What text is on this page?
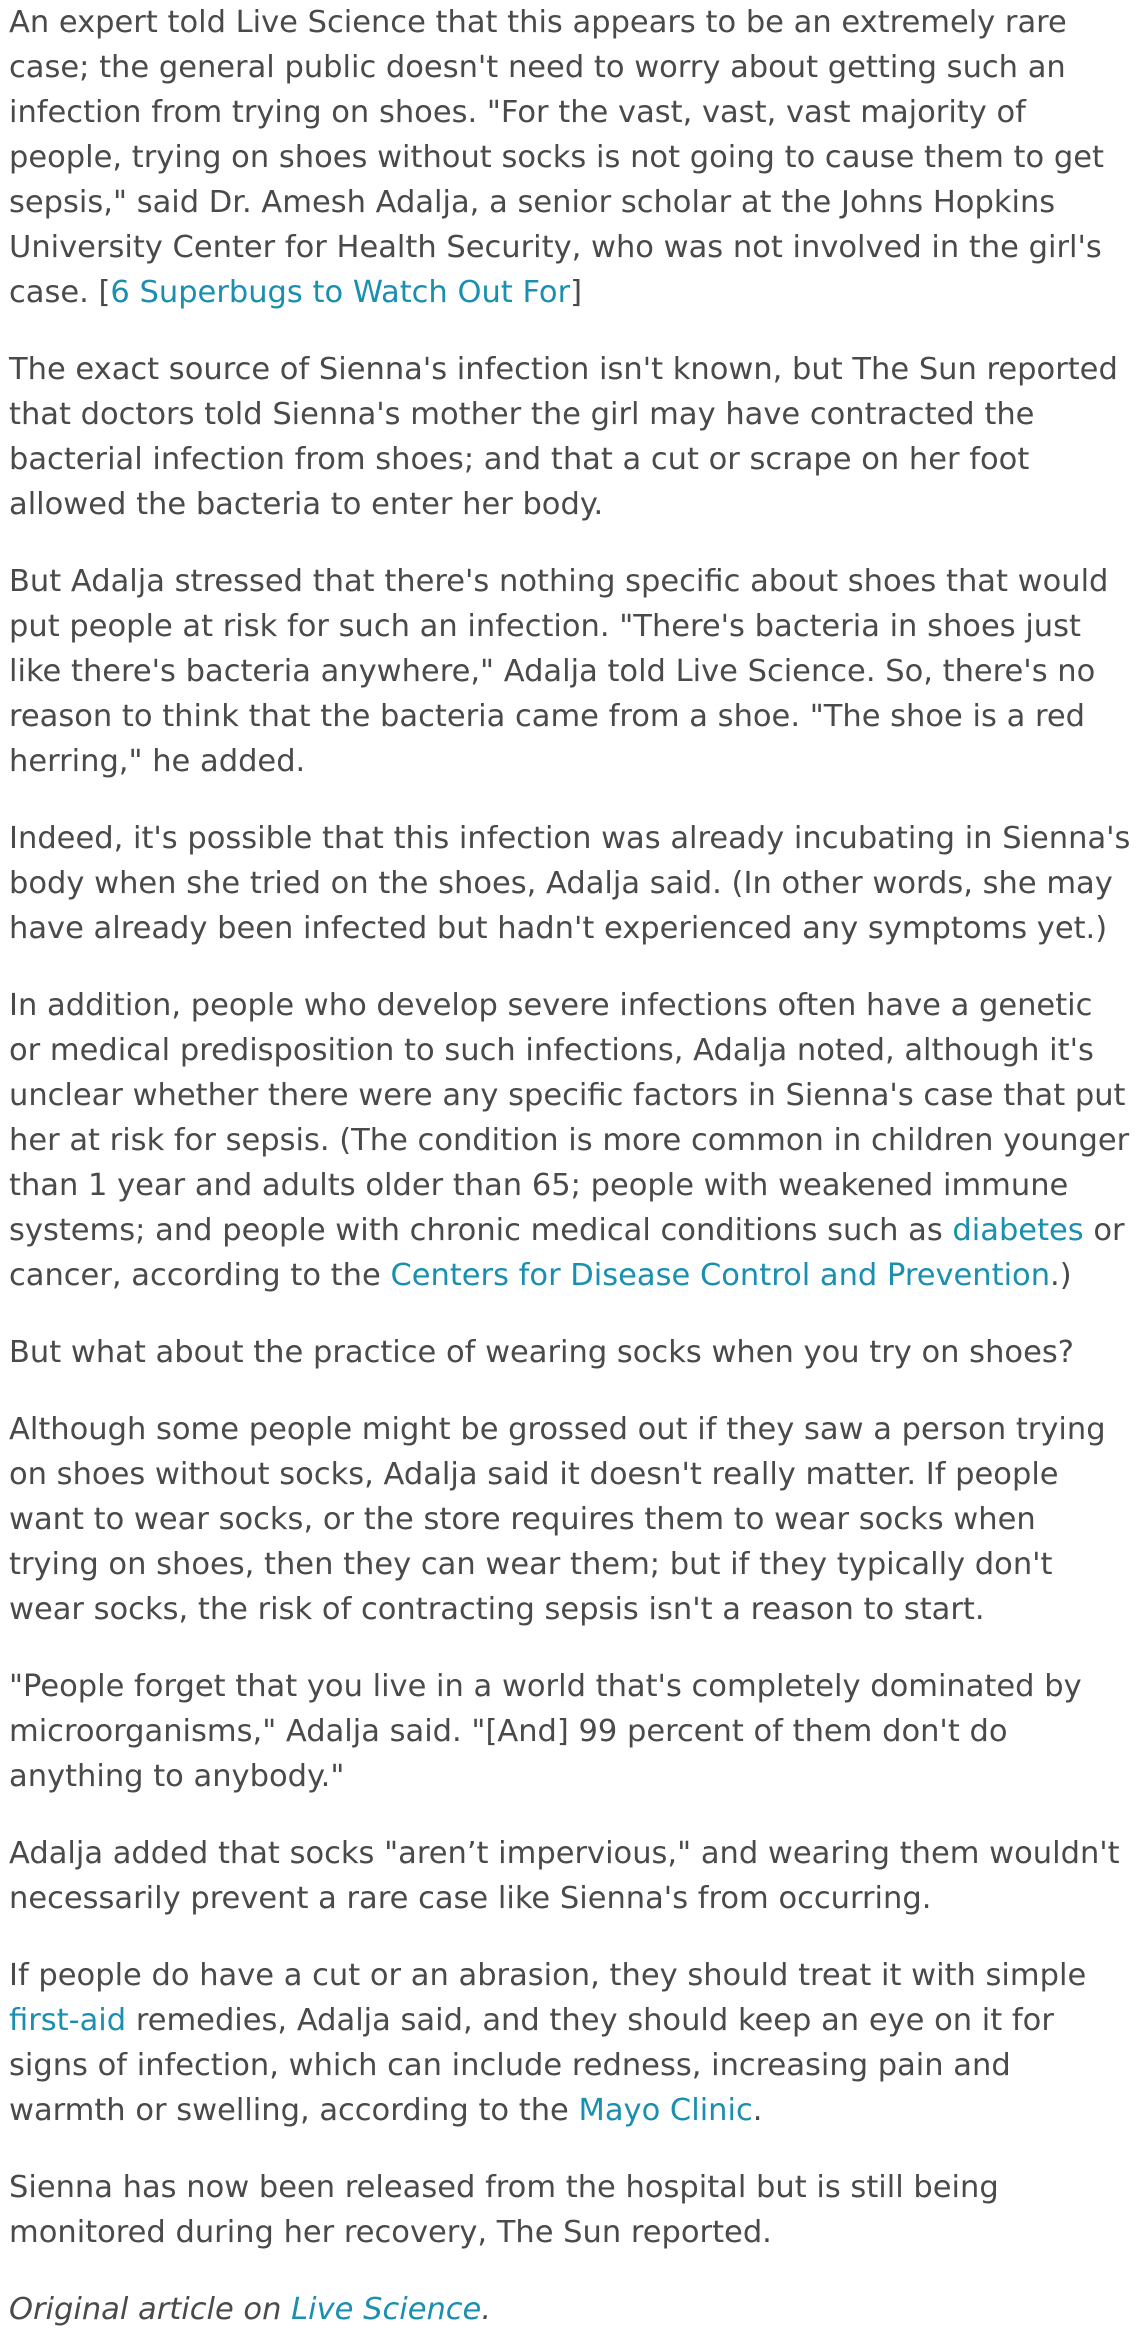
An expert told Live Science that this appears to be an extremely rare case; the general public doesn't need to worry about getting such an infection from trying on shoes. "For the vast, vast, vast majority of people, trying on shoes without socks is not going to cause them to get sepsis," said Dr. Amesh Adalja, a senior scholar at the Johns Hopkins University Center for Health Security, who was not involved in the girl's case. [6 Superbugs to Watch Out For]

The exact source of Sienna's infection isn't known, but The Sun reported that doctors told Sienna's mother the girl may have contracted the bacterial infection from shoes; and that a cut or scrape on her foot allowed the bacteria to enter her body.

But Adalja stressed that there's nothing specific about shoes that would put people at risk for such an infection. "There's bacteria in shoes just like there's bacteria anywhere," Adalja told Live Science. So, there's no reason to think that the bacteria came from a shoe. "The shoe is a red herring," he added.

Indeed, it's possible that this infection was already incubating in Sienna's body when she tried on the shoes, Adalja said. (In other words, she may have already been infected but hadn't experienced any symptoms yet.)

In addition, people who develop severe infections often have a genetic or medical predisposition to such infections, Adalja noted, although it's unclear whether there were any specific factors in Sienna's case that put her at risk for sepsis. (The condition is more common in children younger than 1 year and adults older than 65; people with weakened immune systems; and people with chronic medical conditions such as diabetes or cancer, according to the Centers for Disease Control and Prevention.)

But what about the practice of wearing socks when you try on shoes?

Although some people might be grossed out if they saw a person trying on shoes without socks, Adalja said it doesn't really matter. If people want to wear socks, or the store requires them to wear socks when trying on shoes, then they can wear them; but if they typically don't wear socks, the risk of contracting sepsis isn't a reason to start.

"People forget that you live in a world that's completely dominated by microorganisms," Adalja said. "[And] 99 percent of them don't do anything to anybody."

Adalja added that socks "aren’t impervious," and wearing them wouldn't necessarily prevent a rare case like Sienna's from occurring.

If people do have a cut or an abrasion, they should treat it with simple first-aid remedies, Adalja said, and they should keep an eye on it for signs of infection, which can include redness, increasing pain and warmth or swelling, according to the Mayo Clinic.

Sienna has now been released from the hospital but is still being monitored during her recovery, The Sun reported.

Original article on Live Science.
